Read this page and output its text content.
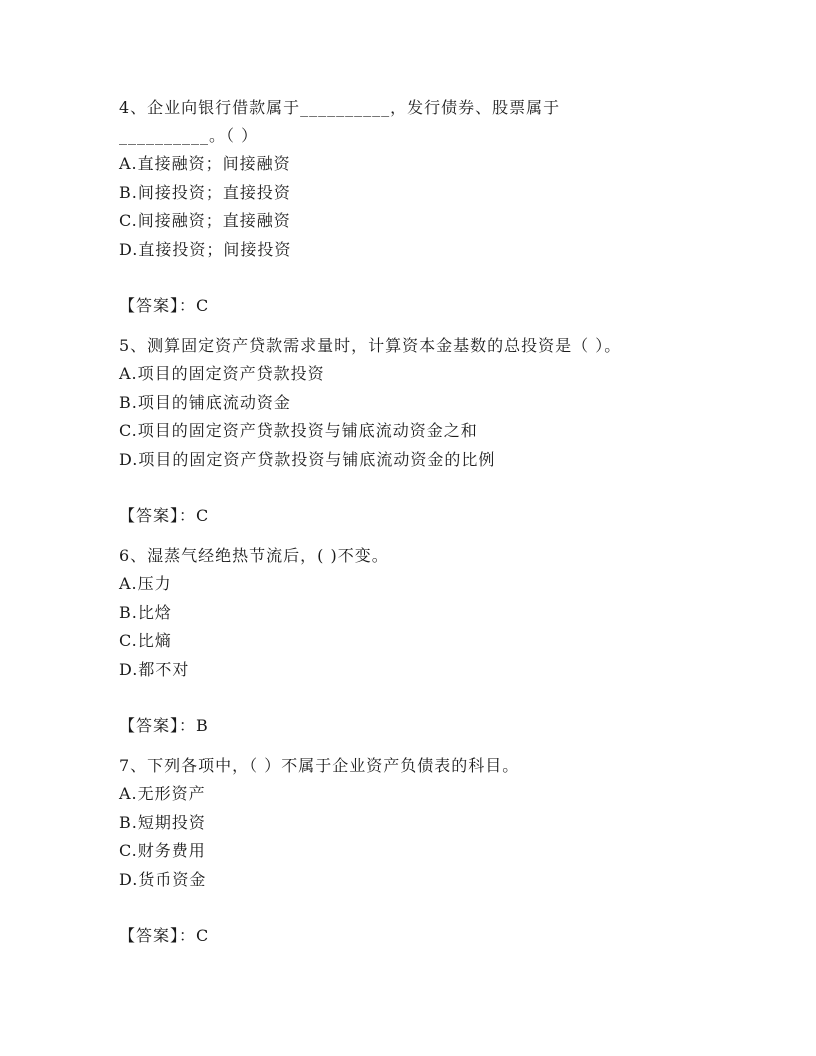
4、企业向银行借款属于__________，发行债券、股票属于
__________。（ ）

A.直接融资；间接融资
B.间接投资；直接投资
C.间接融资；直接融资
D.直接投资；间接投资

【答案】：C

5、测算固定资产贷款需求量时，计算资本金基数的总投资是（ ）。

A.项目的固定资产贷款投资
B.项目的铺底流动资金
C.项目的固定资产贷款投资与铺底流动资金之和
D.项目的固定资产贷款投资与铺底流动资金的比例

【答案】：C

6、湿蒸气经绝热节流后，( )不变。

A.压力
B.比焓
C.比熵
D.都不对

【答案】：B

7、下列各项中，（ ）不属于企业资产负债表的科目。

A.无形资产
B.短期投资
C.财务费用
D.货币资金

【答案】：C
